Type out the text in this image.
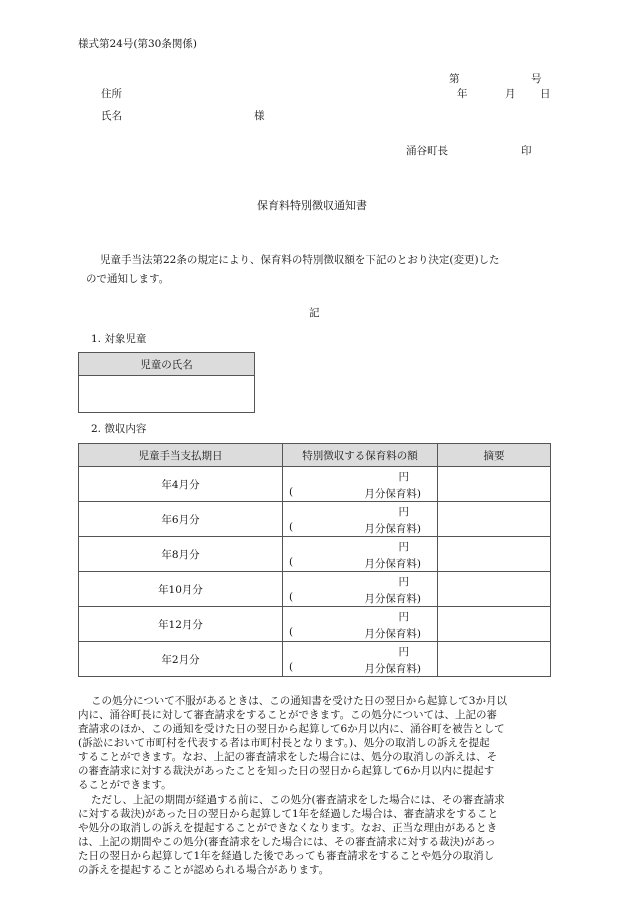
様式第24号(第30条関係)
第	号
住所	年	月 日
氏名	様
涌谷町長	印
保育料特別徴収通知書
児童手当法第22条の規定により、保育料の特別徴収額を下記のとおり決定(変更)した
ので通知します。
記
1. 対象児童
児童の氏名

2. 徴収内容
児童手当支払期日	特別徴収する保育料の額	摘要
年4月分	円
( 月分保育料)	

年6月分	円
( 月分保育料)	

年8月分	円
( 月分保育料)	

年10月分	円
( 月分保育料)	

年12月分	円
( 月分保育料)	

年2月分	円
( 月分保育料)	

この処分について不服があるときは、この通知書を受けた日の翌日から起算して3か月以
内に、涌谷町長に対して審査請求をすることができます。この処分については、上記の審
査請求のほか、この通知を受けた日の翌日から起算して6か月以内に、涌谷町を被告として
(訴訟において市町村を代表する者は市町村長となります。)、処分の取消しの訴えを提起
することができます。なお、上記の審査請求をした場合には、処分の取消しの訴えは、そ
の審査請求に対する裁決があったことを知った日の翌日から起算して6か月以内に提起す
ることができます。
ただし、上記の期間が経過する前に、この処分(審査請求をした場合には、その審査請求
に対する裁決)があった日の翌日から起算して1年を経過した場合は、審査請求をすること
や処分の取消しの訴えを提起することができなくなります。なお、正当な理由があるとき
は、上記の期間やこの処分(審査請求をした場合には、その審査請求に対する裁決)があっ
た日の翌日から起算して1年を経過した後であっても審査請求をすることや処分の取消し
の訴えを提起することが認められる場合があります。
